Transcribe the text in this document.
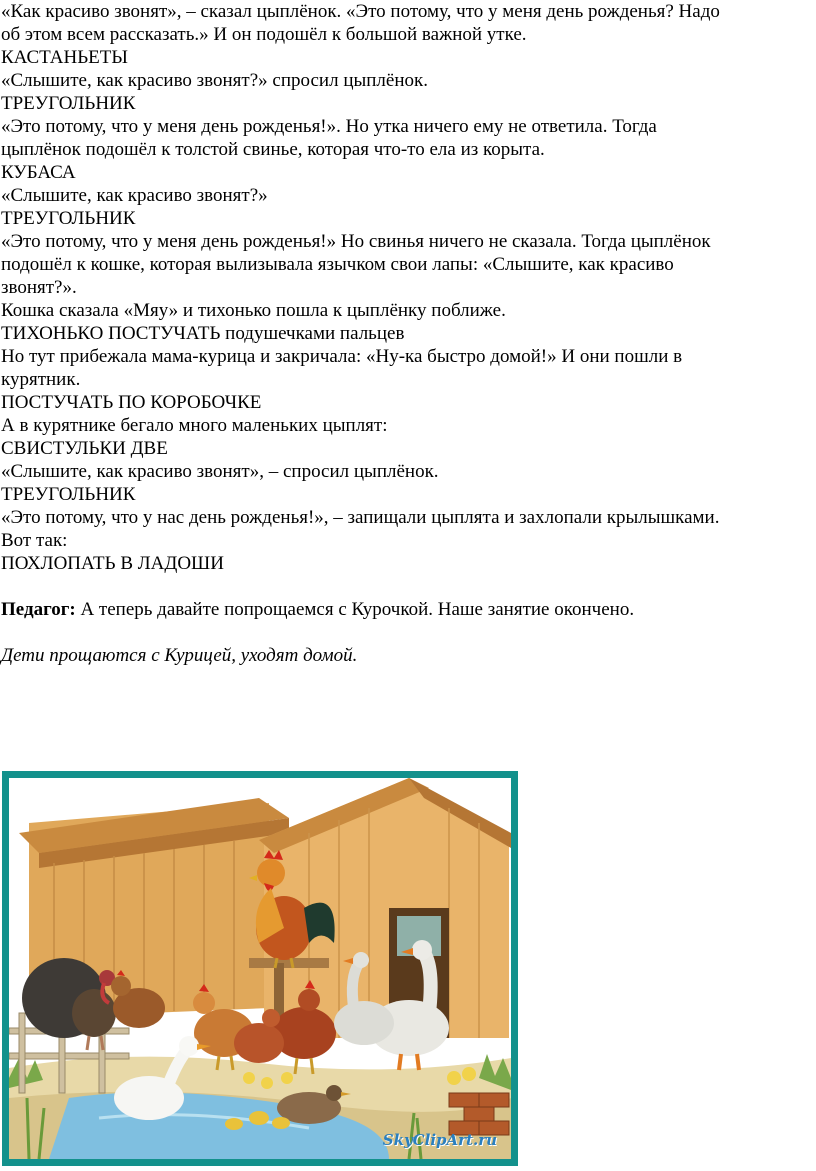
«Как красиво звонят», – сказал цыплёнок. «Это потому, что у меня день рожденья? Надо

об этом всем рассказать.» И он подошёл к большой важной утке.

КАСТАНЬЕТЫ

«Слышите, как красиво звонят?» спросил цыплёнок.

ТРЕУГОЛЬНИК

«Это потому, что у меня день рожденья!». Но утка ничего ему не ответила. Тогда

цыплёнок подошёл к толстой свинье, которая что-то ела из корыта.

КУБАСА

«Слышите, как красиво звонят?»

ТРЕУГОЛЬНИК

«Это потому, что у меня день рожденья!» Но свинья ничего не сказала. Тогда цыплёнок

подошёл к кошке, которая вылизывала язычком свои лапы: «Слышите, как красиво

звонят?».

Кошка сказала «Мяу» и тихонько пошла к цыплёнку поближе.

ТИХОНЬКО ПОСТУЧАТЬ подушечками пальцев

Но тут прибежала мама-курица и закричала: «Ну-ка быстро домой!» И они пошли в

курятник.

ПОСТУЧАТЬ ПО КОРОБОЧКЕ

А в курятнике бегало много маленьких цыплят:

СВИСТУЛЬКИ ДВЕ

«Слышите, как красиво звонят», – спросил цыплёнок.

ТРЕУГОЛЬНИК

«Это потому, что у нас день рожденья!», – запищали цыплята и захлопали крылышками.

Вот так:

ПОХЛОПАТЬ В ЛАДОШИ

Педагог: А теперь давайте попрощаемся с Курочкой. Наше занятие окончено.

Дети прощаются с Курицей, уходят домой.

SkyClipArt.ru
